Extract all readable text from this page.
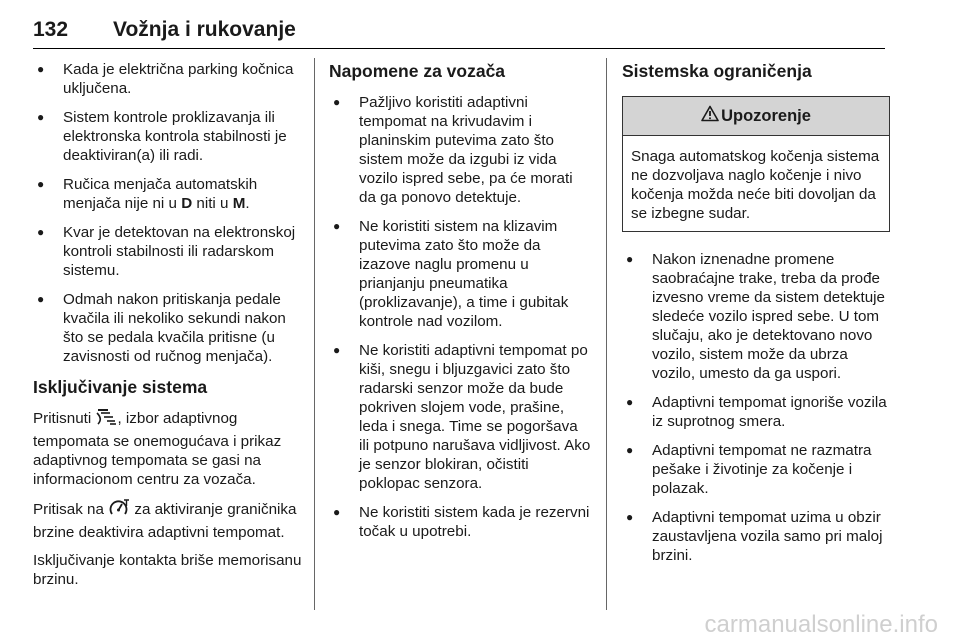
132 Vožnja i rukovanje
● Kada je električna parking kočnica uključena.
● Sistem kontrole proklizavanja ili elektronska kontrola stabilnosti je deaktiviran(a) ili radi.
● Ručica menjača automatskih menjača nije ni u D niti u M.
● Kvar je detektovan na elektronskoj kontroli stabilnosti ili radarskom sistemu.
● Odmah nakon pritiskanja pedale kvačila ili nekoliko sekundi nakon što se pedala kvačila pritisne (u zavisnosti od ručnog menjača).
Isključivanje sistema

Pritisnuti , izbor adaptivnog tempomata se onemogućava i prikaz adaptivnog tempomata se gasi na informacionom centru za vozača.

Pritisak na  za aktiviranje graničnika brzine deaktivira adaptivni tempomat.

Isključivanje kontakta briše memorisanu brzinu.

Napomene za vozača
● Pažljivo koristiti adaptivni tempomat na krivudavim i planinskim putevima zato što sistem može da izgubi iz vida vozilo ispred sebe, pa će morati da ga ponovo detektuje.
● Ne koristiti sistem na klizavim putevima zato što može da izazove naglu promenu u prianjanju pneumatika (proklizavanje), a time i gubitak kontrole nad vozilom.
● Ne koristiti adaptivni tempomat po kiši, snegu i bljuzgavici zato što radarski senzor može da bude pokriven slojem vode, prašine, leda i snega. Time se pogoršava ili potpuno narušava vidljivost. Ako je senzor blokiran, očistiti poklopac senzora.
● Ne koristiti sistem kada je rezervni točak u upotrebi.
Sistemska ograničenja
Upozorenje
Snaga automatskog kočenja sistema ne dozvoljava naglo kočenje i nivo kočenja možda neće biti dovoljan da se izbegne sudar.
● Nakon iznenadne promene saobraćajne trake, treba da prođe izvesno vreme da sistem detektuje sledeće vozilo ispred sebe. U tom slučaju, ako je detektovano novo vozilo, sistem može da ubrza vozilo, umesto da ga uspori.
● Adaptivni tempomat ignoriše vozila iz suprotnog smera.
● Adaptivni tempomat ne razmatra pešake i životinje za kočenje i polazak.
● Adaptivni tempomat uzima u obzir zaustavljena vozila samo pri maloj brzini.
carmanualsonline.info
